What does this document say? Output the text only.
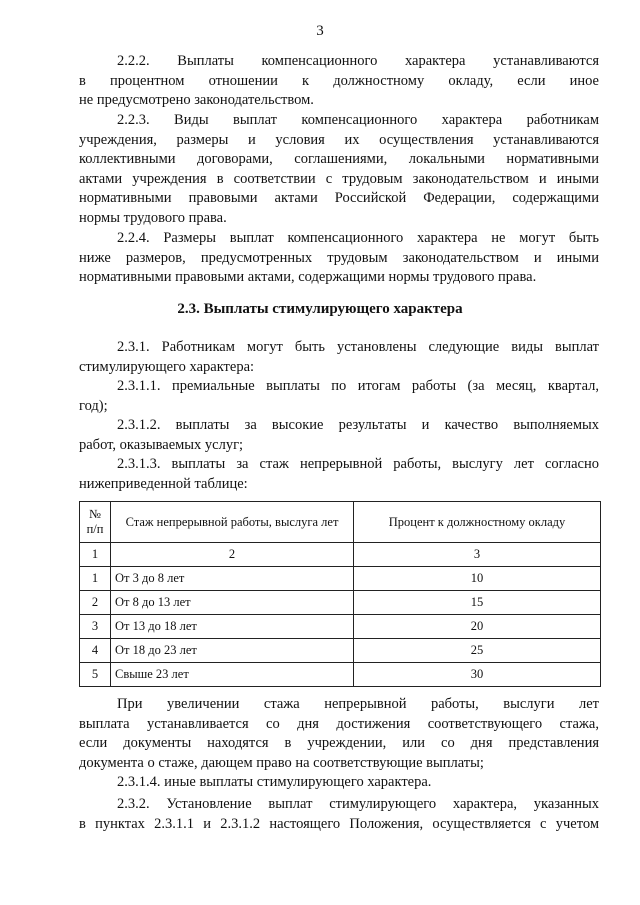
3

2.2.2. Выплаты компенсационного характера устанавливаются

в процентном отношении к должностному окладу, если иное

не предусмотрено законодательством.

2.2.3. Виды выплат компенсационного характера работникам

учреждения, размеры и условия их осуществления устанавливаются

коллективными договорами, соглашениями, локальными нормативными

актами учреждения в соответствии с трудовым законодательством и иными

нормативными правовыми актами Российской Федерации, содержащими

нормы трудового права.

2.2.4. Размеры выплат компенсационного характера не могут быть

ниже размеров, предусмотренных трудовым законодательством и иными

нормативными правовыми актами, содержащими нормы трудового права.

2.3. Выплаты стимулирующего характера

2.3.1. Работникам могут быть установлены следующие виды выплат

стимулирующего характера:

2.3.1.1. премиальные выплаты по итогам работы (за месяц, квартал,

год);

2.3.1.2. выплаты за высокие результаты и качество выполняемых

работ, оказываемых услуг;

2.3.1.3. выплаты за стаж непрерывной работы, выслугу лет согласно

нижеприведенной таблице:

№ п/п	Стаж непрерывной работы, выслуга лет	Процент к должностному окладу
1	2	3
1	От 3 до 8 лет	10
2	От 8 до 13 лет	15
3	От 13 до 18 лет	20
4	От 18 до 23 лет	25
5	Свыше 23 лет	30

При увеличении стажа непрерывной работы, выслуги лет

выплата устанавливается со дня достижения соответствующего стажа,

если документы находятся в учреждении, или со дня представления

документа о стаже, дающем право на соответствующие выплаты;

2.3.1.4. иные выплаты стимулирующего характера.

2.3.2. Установление выплат стимулирующего характера, указанных

в пунктах 2.3.1.1 и 2.3.1.2 настоящего Положения, осуществляется с учетом
